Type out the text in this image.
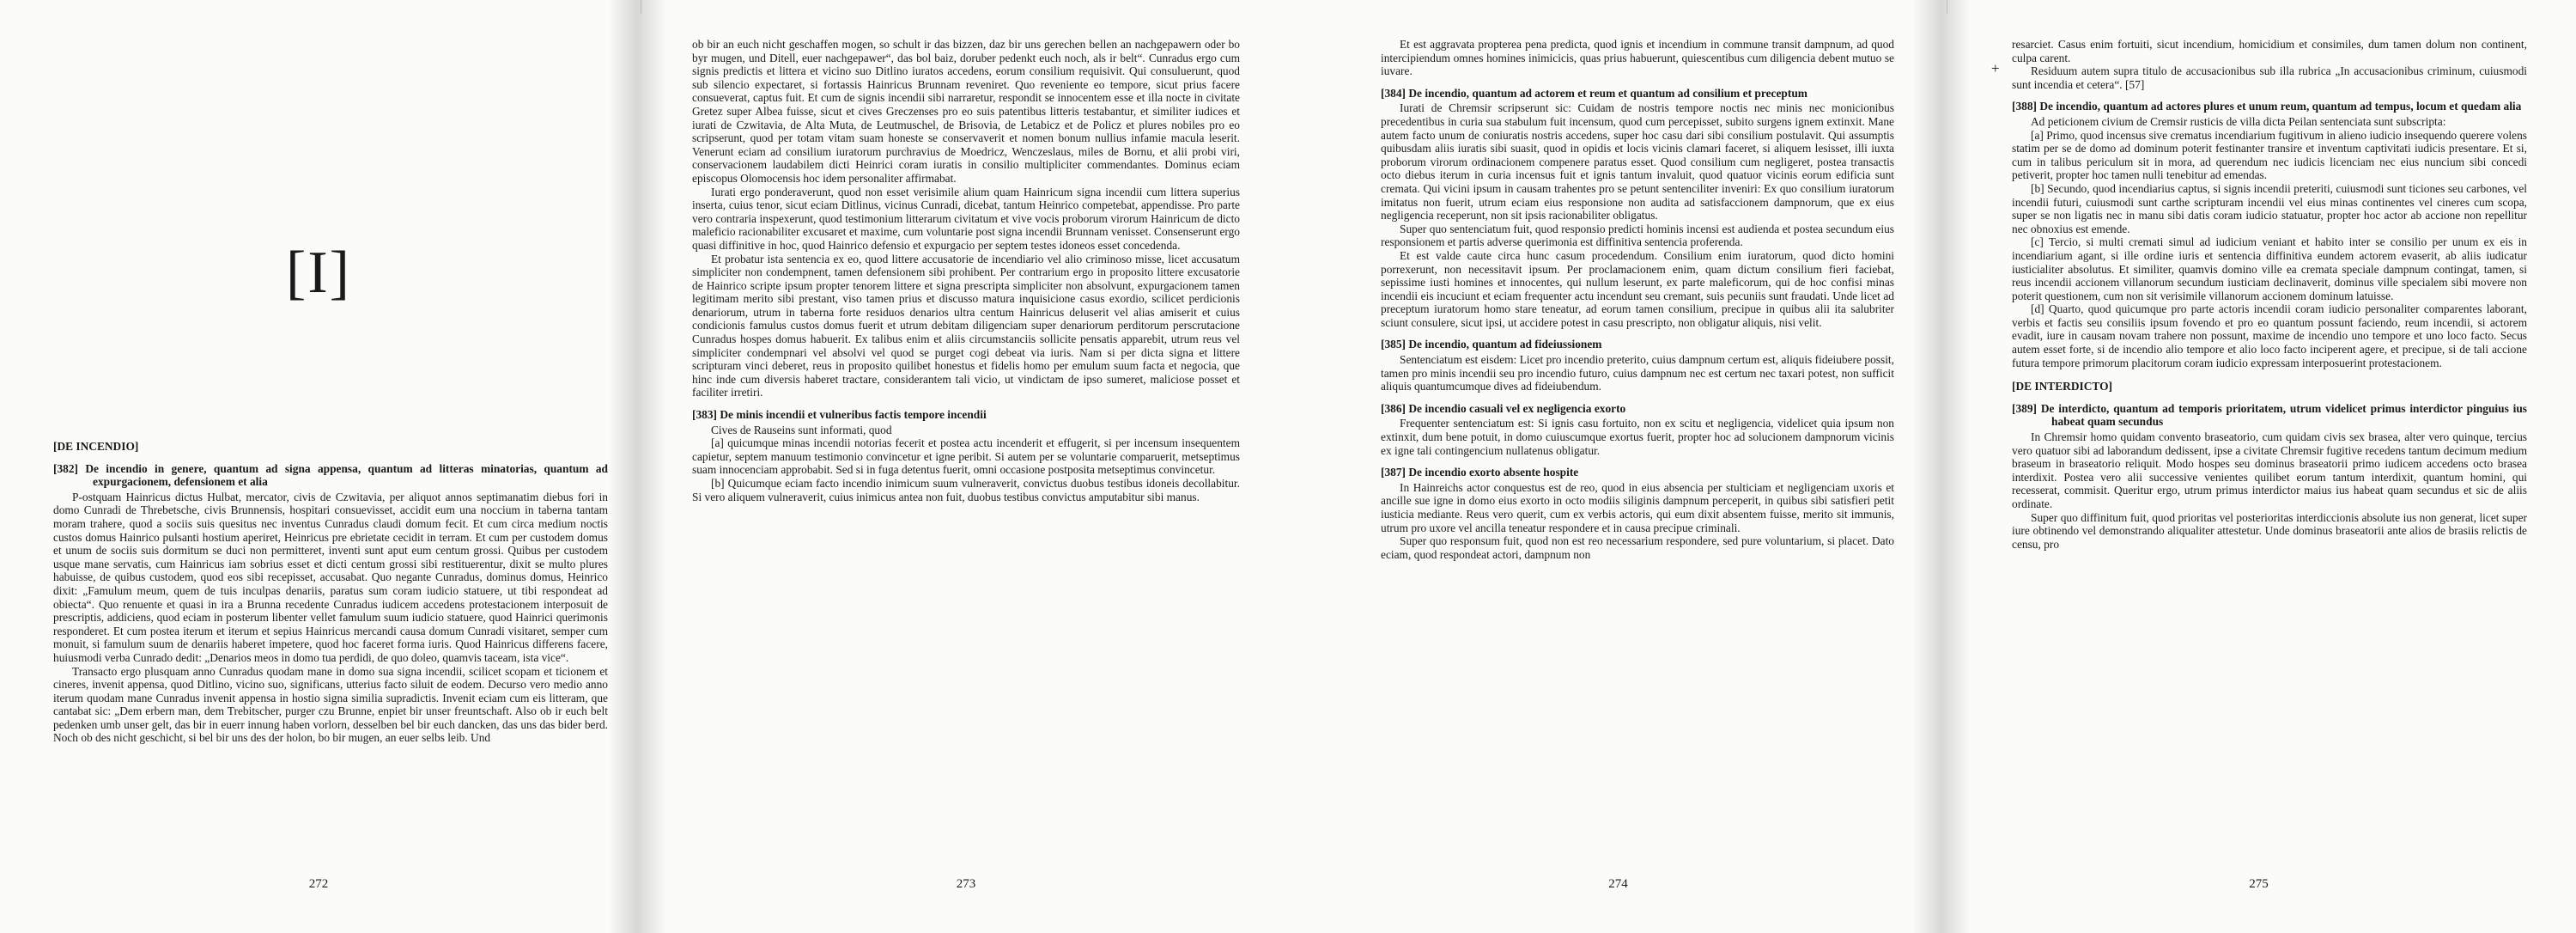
[I]
[DE INCENDIO]
[382] De incendio in genere, quantum ad signa appensa, quantum ad litteras minatorias, quantum ad expurgacionem, defensionem et alia

P-ostquam Hainricus dictus Hulbat, mercator, civis de Czwitavia, per aliquot annos septimanatim diebus fori in domo Cunradi de Threbetsche, civis Brunnensis, hospitari consuevisset, accidit eum una noccium in taberna tantam moram trahere, quod a sociis suis quesitus nec inventus Cunradus claudi domum fecit. Et cum circa medium noctis custos domus Hainrico pulsanti hostium aperiret, Heinricus pre ebrietate cecidit in terram. Et cum per custodem domus et unum de sociis suis dormitum se duci non permitteret, inventi sunt aput eum centum grossi. Quibus per custodem usque mane servatis, cum Hainricus iam sobrius esset et dicti centum grossi sibi restituerentur, dixit se multo plures habuisse, de quibus custodem, quod eos sibi recepisset, accusabat. Quo negante Cunradus, dominus domus, Heinrico dixit: „Famulum meum, quem de tuis inculpas denariis, paratus sum coram iudicio statuere, ut tibi respondeat ad obiecta“. Quo renuente et quasi in ira a Brunna recedente Cunradus iudicem accedens protestacionem interposuit de prescriptis, addiciens, quod eciam in posterum libenter vellet famulum suum iudicio statuere, quod Hainrici querimonis responderet. Et cum postea iterum et iterum et sepius Hainricus mercandi causa domum Cunradi visitaret, semper cum monuit, si famulum suum de denariis haberet impetere, quod hoc faceret forma iuris. Quod Hainricus differens facere, huiusmodi verba Cunrado dedit: „Denarios meos in domo tua perdidi, de quo doleo, quamvis taceam, ista vice“.

Transacto ergo plusquam anno Cunradus quodam mane in domo sua signa incendii, scilicet scopam et ticionem et cineres, invenit appensa, quod Ditlino, vicino suo, significans, utterius facto siluit de eodem. Decurso vero medio anno iterum quodam mane Cunradus invenit appensa in hostio signa similia supradictis. Invenit eciam cum eis litteram, que cantabat sic: „Dem erbern man, dem Trebitscher, purger czu Brunne, enpiet bir unser freuntschaft. Also ob ir euch belt pedenken umb unser gelt, das bir in euerr innung haben vorlorn, desselben bel bir euch dancken, das uns das bider berd. Noch ob des nicht geschicht, si bel bir uns des der holon, bo bir mugen, an euer selbs leib. Und

272

ob bir an euch nicht geschaffen mogen, so schult ir das bizzen, daz bir uns gerechen bellen an nachgepawern oder bo byr mugen, und Ditell, euer nachgepawer“, das bol baiz, doruber pedenkt euch noch, als ir belt“. Cunradus ergo cum signis predictis et littera et vicino suo Ditlino iuratos accedens, eorum consilium requisivit. Qui consuluerunt, quod sub silencio expectaret, si fortassis Hainricus Brunnam reveniret. Quo reveniente eo tempore, sicut prius facere consueverat, captus fuit. Et cum de signis incendii sibi narraretur, respondit se innocentem esse et illa nocte in civitate Gretez super Albea fuisse, sicut et cives Greczenses pro eo suis patentibus litteris testabantur, et similiter iudices et iurati de Czwitavia, de Alta Muta, de Leutmuschel, de Brisovia, de Letabicz et de Policz et plures nobiles pro eo scripserunt, quod per totam vitam suam honeste se conservaverit et nomen bonum nullius infamie macula leserit. Venerunt eciam ad consilium iuratorum purchravius de Moedricz, Wenczeslaus, miles de Bornu, et alii probi viri, conservacionem laudabilem dicti Heinrici coram iuratis in consilio multipliciter commendantes. Dominus eciam episcopus Olomocensis hoc idem personaliter affirmabat.

Iurati ergo ponderaverunt, quod non esset verisimile alium quam Hainricum signa incendii cum littera superius inserta, cuius tenor, sicut eciam Ditlinus, vicinus Cunradi, dicebat, tantum Heinrico competebat, appendisse. Pro parte vero contraria inspexerunt, quod testimonium litterarum civitatum et vive vocis proborum virorum Hainricum de dicto maleficio racionabiliter excusaret et maxime, cum voluntarie post signa incendii Brunnam venisset. Consenserunt ergo quasi diffinitive in hoc, quod Hainrico defensio et expurgacio per septem testes idoneos esset concedenda.

Et probatur ista sentencia ex eo, quod littere accusatorie de incendiario vel alio criminoso misse, licet accusatum simpliciter non condempnent, tamen defensionem sibi prohibent. Per contrarium ergo in proposito littere excusatorie de Hainrico scripte ipsum propter tenorem littere et signa prescripta simpliciter non absolvunt, expurgacionem tamen legitimam merito sibi prestant, viso tamen prius et discusso matura inquisicione casus exordio, scilicet perdicionis denariorum, utrum in taberna forte residuos denarios ultra centum Hainricus deluserit vel alias amiserit et cuius condicionis famulus custos domus fuerit et utrum debitam diligenciam super denariorum perditorum perscrutacione Cunradus hospes domus habuerit. Ex talibus enim et aliis circumstanciis sollicite pensatis apparebit, utrum reus vel simpliciter condempnari vel absolvi vel quod se purget cogi debeat via iuris. Nam si per dicta signa et littere scripturam vinci deberet, reus in proposito quilibet honestus et fidelis homo per emulum suum facta et negocia, que hinc inde cum diversis haberet tractare, considerantem tali vicio, ut vindictam de ipso sumeret, maliciose posset et faciliter irretiri.

[383] De minis incendii et vulneribus factis tempore incendii

Cives de Rauseins sunt informati, quod

[a] quicumque minas incendii notorias fecerit et postea actu incenderit et effugerit, si per incensum insequentem capietur, septem manuum testimonio convincetur et igne peribit. Si autem per se voluntarie comparuerit, metseptimus suam innocenciam approbabit. Sed si in fuga detentus fuerit, omni occasione postposita metseptimus convincetur.

[b] Quicumque eciam facto incendio inimicum suum vulneraverit, convictus duobus testibus idoneis decollabitur. Si vero aliquem vulneraverit, cuius inimicus antea non fuit, duobus testibus convictus amputabitur sibi manus.

273

Et est aggravata propterea pena predicta, quod ignis et incendium in commune transit dampnum, ad quod intercipiendum omnes homines inimicicis, quas prius habuerunt, quiescentibus cum diligencia debent mutuo se iuvare.

[384] De incendio, quantum ad actorem et reum et quantum ad consilium et preceptum

Iurati de Chremsir scripserunt sic: Cuidam de nostris tempore noctis nec minis nec monicionibus precedentibus in curia sua stabulum fuit incensum, quod cum percepisset, subito surgens ignem extinxit. Mane autem facto unum de coniuratis nostris accedens, super hoc casu dari sibi consilium postulavit. Qui assumptis quibusdam aliis iuratis sibi suasit, quod in opidis et locis vicinis clamari faceret, si aliquem lesisset, illi iuxta proborum virorum ordinacionem compenere paratus esset. Quod consilium cum negligeret, postea transactis octo diebus iterum in curia incensus fuit et ignis tantum invaluit, quod quatuor vicinis eorum edificia sunt cremata. Qui vicini ipsum in causam trahentes pro se petunt sentenciliter inveniri: Ex quo consilium iuratorum imitatus non fuerit, utrum eciam eius responsione non audita ad satisfaccionem dampnorum, que ex eius negligencia receperunt, non sit ipsis racionabiliter obligatus.

Super quo sentenciatum fuit, quod responsio predicti hominis incensi est audienda et postea secundum eius responsionem et partis adverse querimonia est diffinitiva sentencia proferenda.

Et est valde caute circa hunc casum procedendum. Consilium enim iuratorum, quod dicto homini porrexerunt, non necessitavit ipsum. Per proclamacionem enim, quam dictum consilium fieri faciebat, sepissime iusti homines et innocentes, qui nullum leserunt, ex parte maleficorum, qui de hoc confisi minas incendii eis incuciunt et eciam frequenter actu incendunt seu cremant, suis pecuniis sunt fraudati. Unde licet ad preceptum iuratorum homo stare teneatur, ad eorum tamen consilium, precipue in quibus alii ita salubriter sciunt consulere, sicut ipsi, ut accidere potest in casu prescripto, non obligatur aliquis, nisi velit.

[385] De incendio, quantum ad fideiussionem

Sentenciatum est eisdem: Licet pro incendio preterito, cuius dampnum certum est, aliquis fideiubere possit, tamen pro minis incendii seu pro incendio futuro, cuius dampnum nec est certum nec taxari potest, non sufficit aliquis quantumcumque dives ad fideiubendum.

[386] De incendio casuali vel ex negligencia exorto

Frequenter sentenciatum est: Si ignis casu fortuito, non ex scitu et negligencia, videlicet quia ipsum non extinxit, dum bene potuit, in domo cuiuscumque exortus fuerit, propter hoc ad solucionem dampnorum vicinis ex igne tali contingencium nullatenus obligatur.

[387] De incendio exorto absente hospite

In Hainreichs actor conquestus est de reo, quod in eius absencia per stulticiam et negligenciam uxoris et ancille sue igne in domo eius exorto in octo modiis siliginis dampnum perceperit, in quibus sibi satisfieri petit iusticia mediante. Reus vero querit, cum ex verbis actoris, qui eum dixit absentem fuisse, merito sit immunis, utrum pro uxore vel ancilla teneatur respondere et in causa precipue criminali.

Super quo responsum fuit, quod non est reo necessarium respondere, sed pure voluntarium, si placet. Dato eciam, quod respondeat actori, dampnum non

274
+

resarciet. Casus enim fortuiti, sicut incendium, homicidium et consimiles, dum tamen dolum non continent, culpa carent.

Residuum autem supra titulo de accusacionibus sub illa rubrica „In accusacionibus criminum, cuiusmodi sunt incendia et cetera“. [57]

[388] De incendio, quantum ad actores plures et unum reum, quantum ad tempus, locum et quedam alia

Ad peticionem civium de Cremsir rusticis de villa dicta Peilan sentenciata sunt subscripta:

[a] Primo, quod incensus sive crematus incendiarium fugitivum in alieno iudicio insequendo querere volens statim per se de domo ad dominum poterit festinanter transire et inventum captivitati iudicis presentare. Et si, cum in talibus periculum sit in mora, ad querendum nec iudicis licenciam nec eius nuncium sibi concedi petiverit, propter hoc tamen nulli tenebitur ad emendas.

[b] Secundo, quod incendiarius captus, si signis incendii preteriti, cuiusmodi sunt ticiones seu carbones, vel incendii futuri, cuiusmodi sunt carthe scripturam incendii vel eius minas continentes vel cineres cum scopa, super se non ligatis nec in manu sibi datis coram iudicio statuatur, propter hoc actor ab accione non repellitur nec obnoxius est emende.

[c] Tercio, si multi cremati simul ad iudicium veniant et habito inter se consilio per unum ex eis in incendiarium agant, si ille ordine iuris et sentencia diffinitiva eundem actorem evaserit, ab aliis iudicatur iusticialiter absolutus. Et similiter, quamvis domino ville ea cremata speciale dampnum contingat, tamen, si reus incendii accionem villanorum secundum iusticiam declinaverit, dominus ville specialem sibi movere non poterit questionem, cum non sit verisimile villanorum accionem dominum latuisse.

[d] Quarto, quod quicumque pro parte actoris incendii coram iudicio personaliter comparentes laborant, verbis et factis seu consiliis ipsum fovendo et pro eo quantum possunt faciendo, reum incendii, si actorem evadit, iure in causam novam trahere non possunt, maxime de incendio uno tempore et uno loco facto. Secus autem esset forte, si de incendio alio tempore et alio loco facto inciperent agere, et precipue, si de tali accione futura tempore primorum placitorum coram iudicio expressam interposuerint protestacionem.

[DE INTERDICTO]
[389] De interdicto, quantum ad temporis prioritatem, utrum videlicet primus interdictor pinguius ius habeat quam secundus

In Chremsir homo quidam convento braseatorio, cum quidam civis sex brasea, alter vero quinque, tercius vero quatuor sibi ad laborandum dedissent, ipse a civitate Chremsir fugitive recedens tantum decimum medium braseum in braseatorio reliquit. Modo hospes seu dominus braseatorii primo iudicem accedens octo brasea interdixit. Postea vero alii successive venientes quilibet eorum tantum interdixit, quantum homini, qui recesserat, commisit. Queritur ergo, utrum primus interdictor maius ius habeat quam secundus et sic de aliis ordinate.

Super quo diffinitum fuit, quod prioritas vel posterioritas interdiccionis absolute ius non generat, licet super iure obtinendo vel demonstrando aliqualiter attestetur. Unde dominus braseatorii ante alios de brasiis relictis de censu, pro

275
